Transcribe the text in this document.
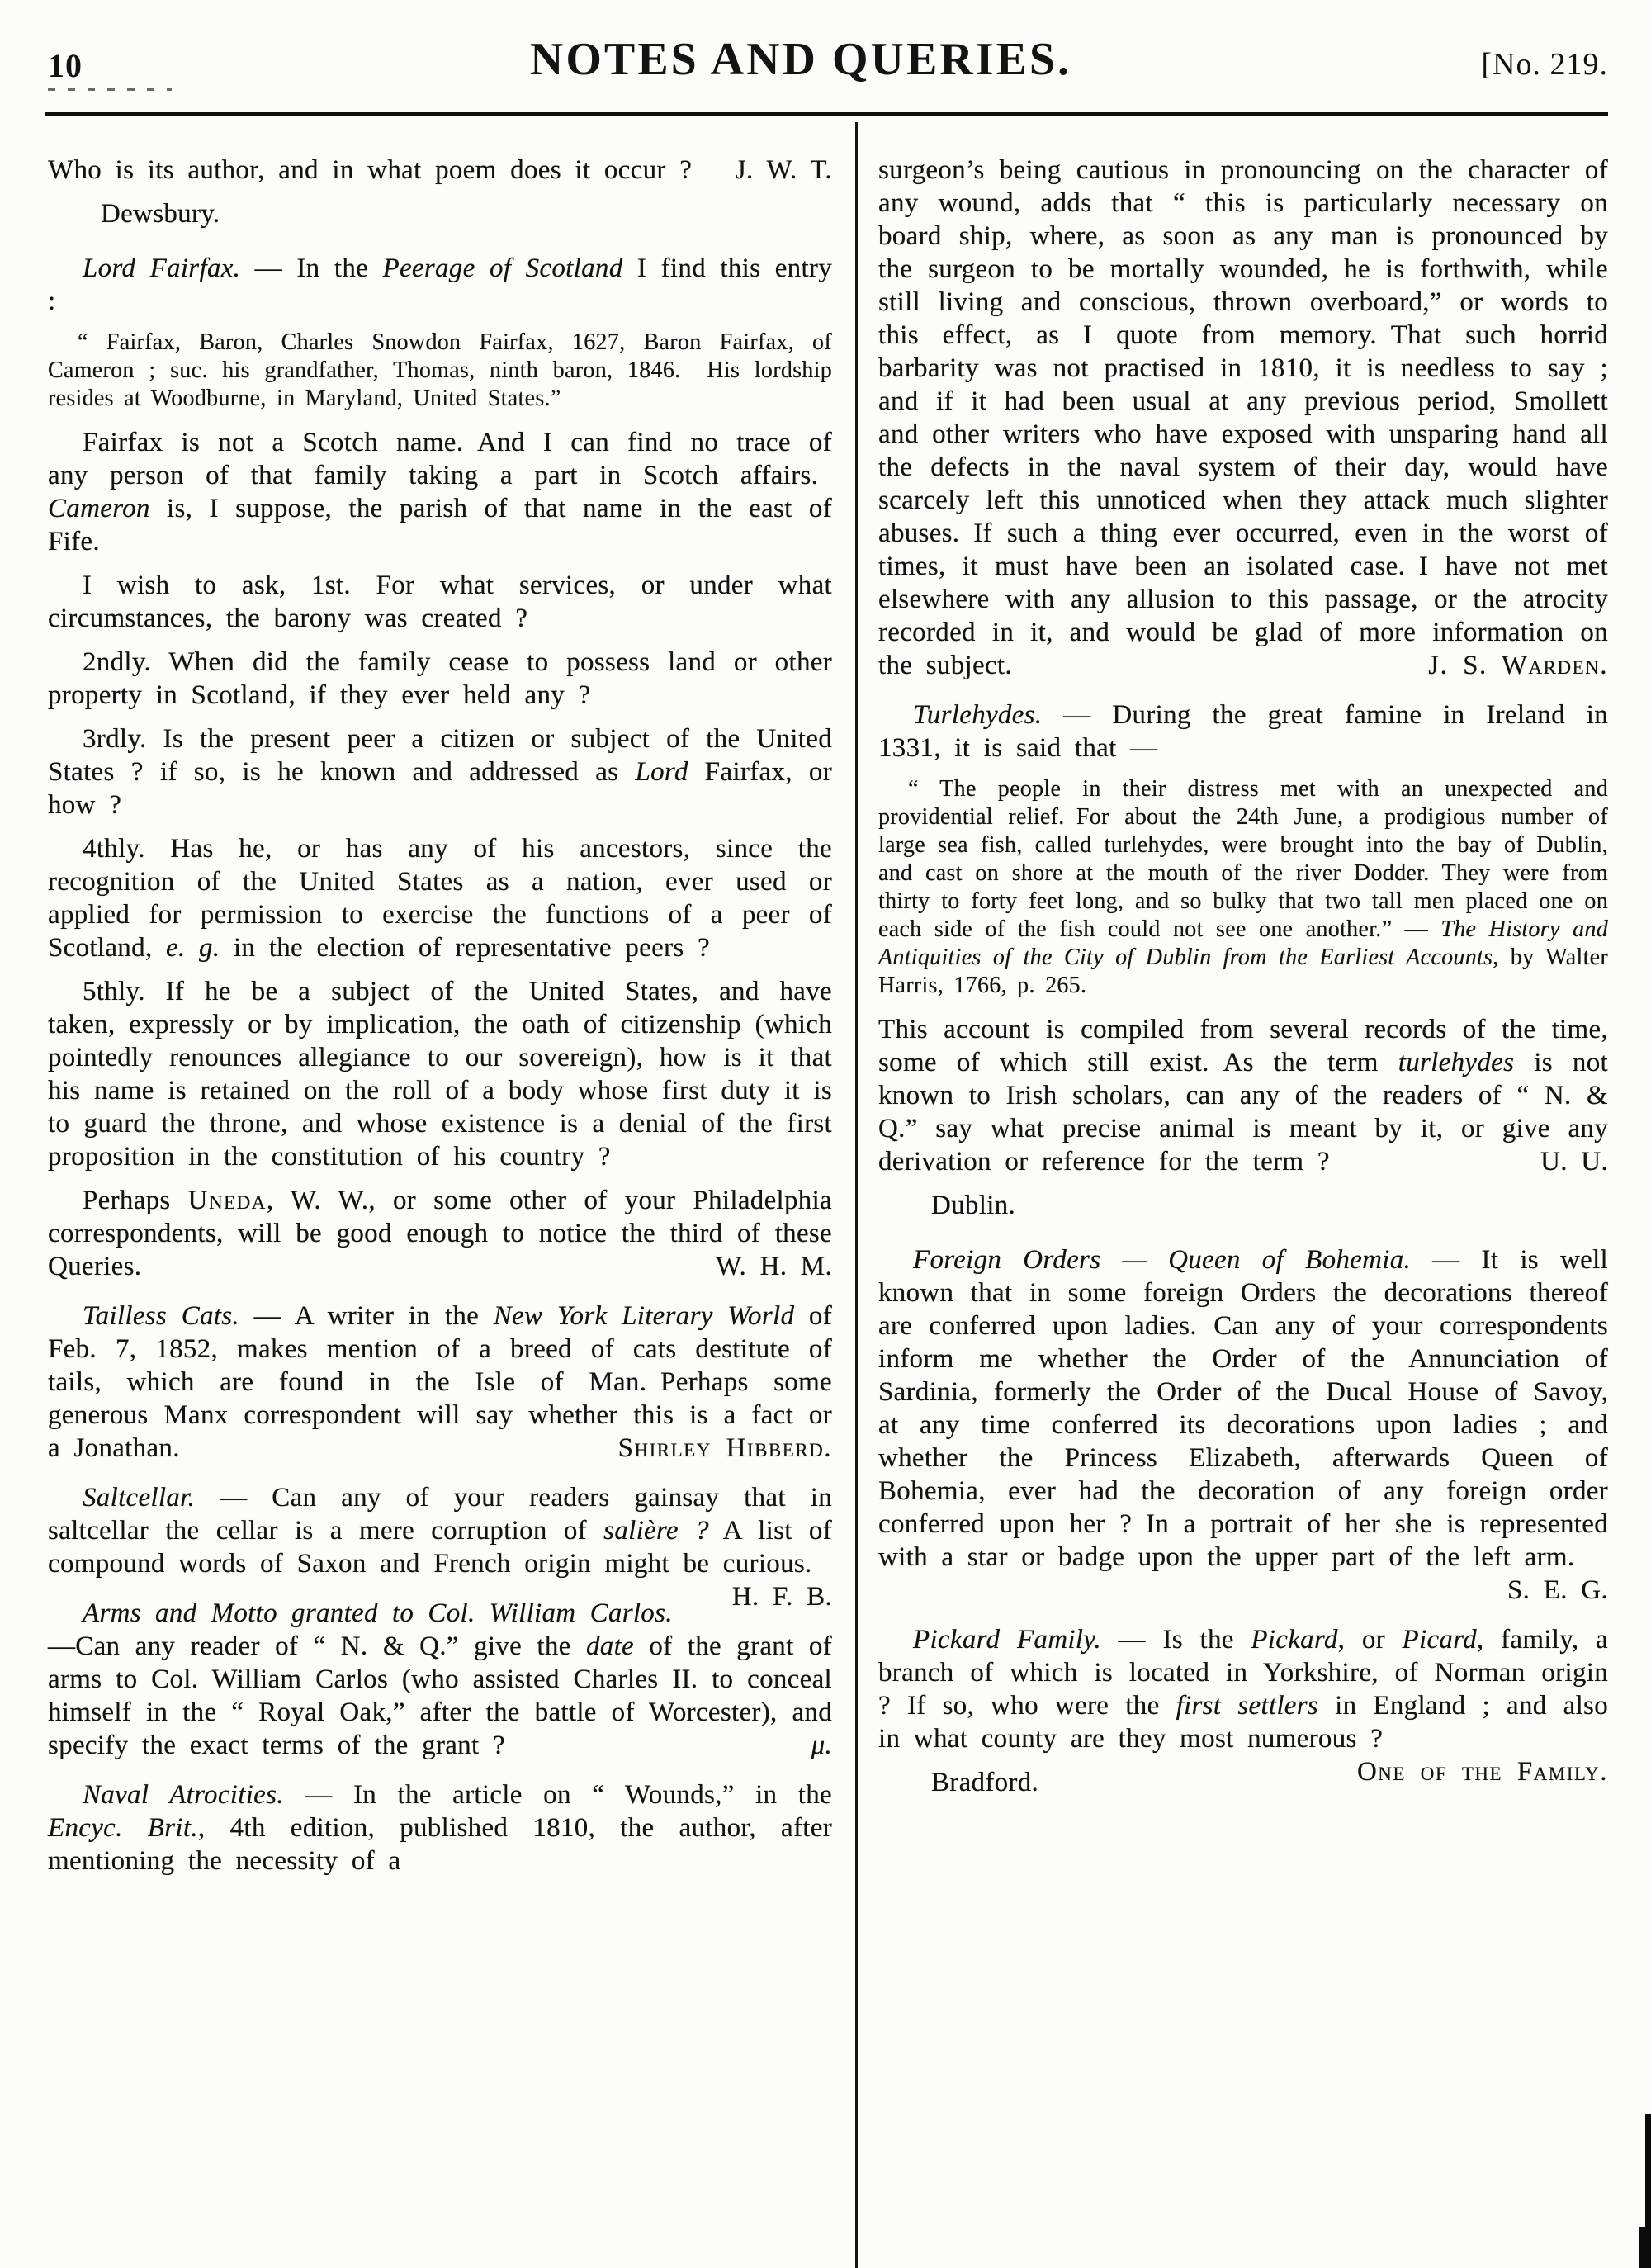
10	NOTES AND QUERIES.	[No. 219.
Who is its author, and in what poem does it occur ?	J. W. T.
Dewsbury.
Lord Fairfax. — In the Peerage of Scotland I find this entry :
“ Fairfax, Baron, Charles Snowdon Fairfax, 1627, Baron Fairfax, of Cameron ; suc. his grandfather, Thomas, ninth baron, 1846.  His lordship resides at Woodburne, in Maryland, United States.”
Fairfax is not a Scotch name. And I can find no trace of any person of that family taking a part in Scotch affairs. Cameron is, I suppose, the parish of that name in the east of Fife.
I wish to ask, 1st. For what services, or under what circumstances, the barony was created ?
2ndly. When did the family cease to possess land or other property in Scotland, if they ever held any ?
3rdly. Is the present peer a citizen or subject of the United States ? if so, is he known and addressed as Lord Fairfax, or how ?
4thly. Has he, or has any of his ancestors, since the recognition of the United States as a nation, ever used or applied for permission to exercise the functions of a peer of Scotland, e. g. in the election of representative peers ?
5thly. If he be a subject of the United States, and have taken, expressly or by implication, the oath of citizenship (which pointedly renounces allegiance to our sovereign), how is it that his name is retained on the roll of a body whose first duty it is to guard the throne, and whose existence is a denial of the first proposition in the constitution of his country ?
Perhaps Uneda, W. W., or some other of your Philadelphia correspondents, will be good enough to notice the third of these Queries.	W. H. M.
Tailless Cats. — A writer in the New York Literary World of Feb. 7, 1852, makes mention of a breed of cats destitute of tails, which are found in the Isle of Man. Perhaps some generous Manx correspondent will say whether this is a fact or a Jonathan.	Shirley Hibberd.
Saltcellar. — Can any of your readers gainsay that in saltcellar the cellar is a mere corruption of salière ? A list of compound words of Saxon and French origin might be curious.
H. F. B.
Arms and Motto granted to Col. William Carlos. —Can any reader of “ N. & Q.” give the date of the grant of arms to Col. William Carlos (who assisted Charles II. to conceal himself in the “ Royal Oak,” after the battle of Worcester), and specify the exact terms of the grant ?	μ.
Naval Atrocities. — In the article on “ Wounds,” in the Encyc. Brit., 4th edition, published 1810, the author, after mentioning the necessity of a
surgeon’s being cautious in pronouncing on the character of any wound, adds that “ this is particularly necessary on board ship, where, as soon as any man is pronounced by the surgeon to be mortally wounded, he is forthwith, while still living and conscious, thrown overboard,” or words to this effect, as I quote from memory. That such horrid barbarity was not practised in 1810, it is needless to say ; and if it had been usual at any previous period, Smollett and other writers who have exposed with unsparing hand all the defects in the naval system of their day, would have scarcely left this unnoticed when they attack much slighter abuses. If such a thing ever occurred, even in the worst of times, it must have been an isolated case. I have not met elsewhere with any allusion to this passage, or the atrocity recorded in it, and would be glad of more information on the subject.	J. S. Warden.
Turlehydes. — During the great famine in Ireland in 1331, it is said that —
“ The people in their distress met with an unexpected and providential relief. For about the 24th June, a prodigious number of large sea fish, called turlehydes, were brought into the bay of Dublin, and cast on shore at the mouth of the river Dodder. They were from thirty to forty feet long, and so bulky that two tall men placed one on each side of the fish could not see one another.” — The History and Antiquities of the City of Dublin from the Earliest Accounts, by Walter Harris, 1766, p. 265.
This account is compiled from several records of the time, some of which still exist. As the term turlehydes is not known to Irish scholars, can any of the readers of “ N. & Q.” say what precise animal is meant by it, or give any derivation or reference for the term ?	U. U.
Dublin.
Foreign Orders — Queen of Bohemia. — It is well known that in some foreign Orders the decorations thereof are conferred upon ladies. Can any of your correspondents inform me whether the Order of the Annunciation of Sardinia, formerly the Order of the Ducal House of Savoy, at any time conferred its decorations upon ladies ; and whether the Princess Elizabeth, afterwards Queen of Bohemia, ever had the decoration of any foreign order conferred upon her ? In a portrait of her she is represented with a star or badge upon the upper part of the left arm.
S. E. G.
Pickard Family. — Is the Pickard, or Picard, family, a branch of which is located in Yorkshire, of Norman origin ? If so, who were the first settlers in England ; and also in what county are they most numerous ?
One of the Family.
Bradford.
